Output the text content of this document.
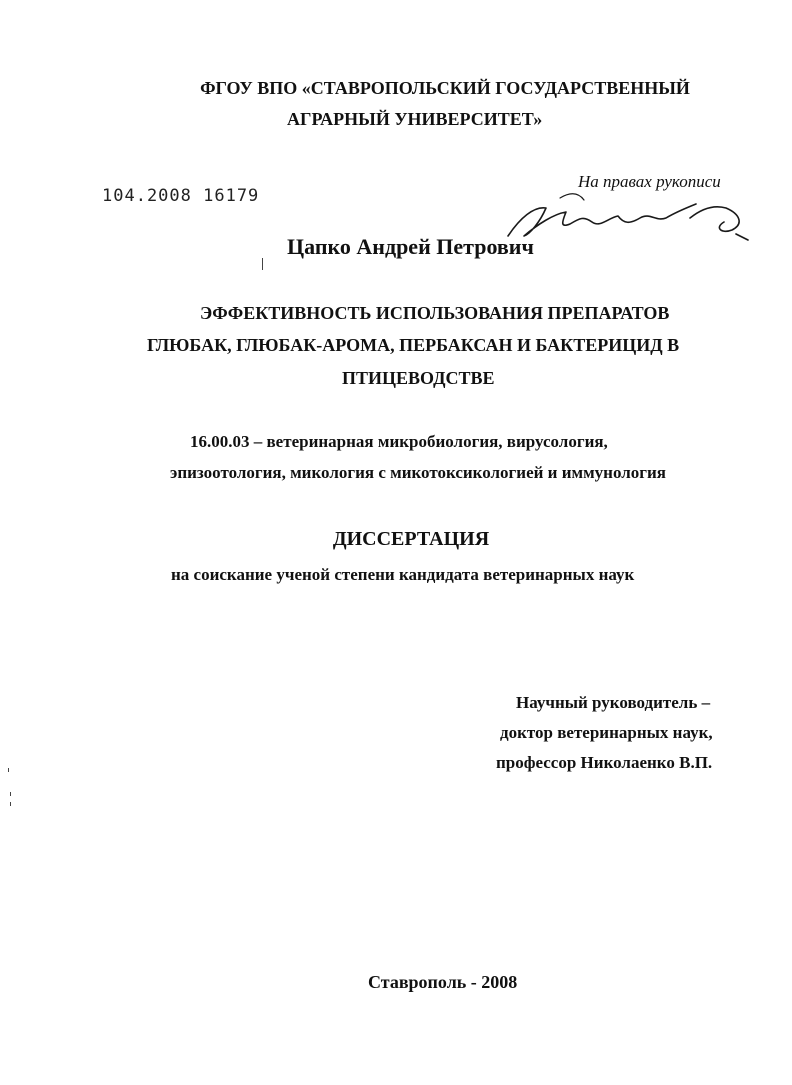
ФГОУ ВПО «СТАВРОПОЛЬСКИЙ ГОСУДАРСТВЕННЫЙ
АГРАРНЫЙ УНИВЕРСИТЕТ»
104.2008 16179
На правах рукописи
Цапко Андрей Петрович
ЭФФЕКТИВНОСТЬ ИСПОЛЬЗОВАНИЯ ПРЕПАРАТОВ
ГЛЮБАК, ГЛЮБАК-АРОМА, ПЕРБАКСАН И БАКТЕРИЦИД В
ПТИЦЕВОДСТВЕ
16.00.03 – ветеринарная микробиология, вирусология,
эпизоотология, микология с микотоксикологией и иммунология
ДИССЕРТАЦИЯ
на соискание ученой степени кандидата ветеринарных наук
Научный руководитель –
доктор ветеринарных наук,
профессор Николаенко В.П.
Ставрополь - 2008
